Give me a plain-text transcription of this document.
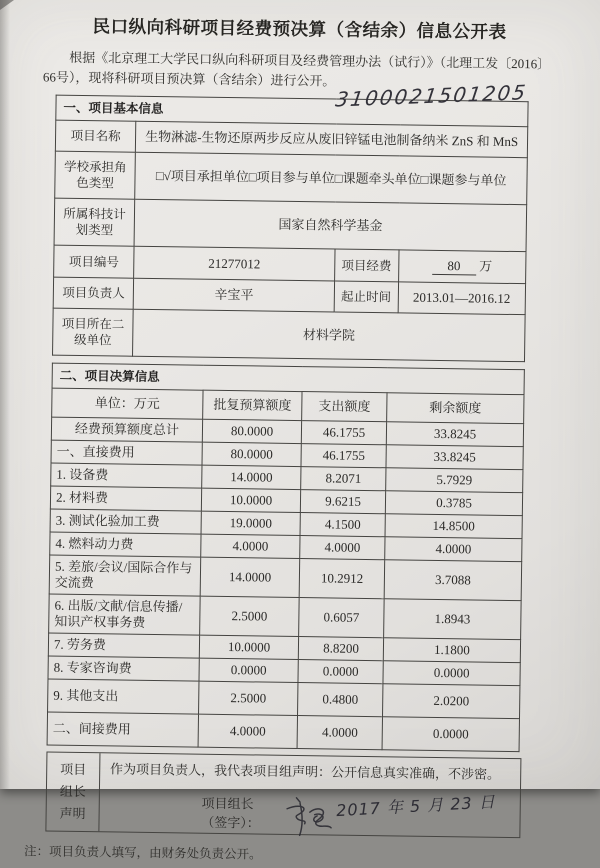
民口纵向科研项目经费预决算（含结余）信息公开表

根据《北京理工大学民口纵向科研项目及经费管理办法（试行）》（北理工发〔2016〕66号），现将科研项目预决算（含结余）进行公开。

3100021501205
一、项目基本信息			
项目名称	生物淋滤-生物还原两步反应从废旧锌锰电池制备纳米 ZnS 和 MnS		
学校承担角色类型	□√项目承担单位□项目参与单位□课题牵头单位□课题参与单位		
所属科技计划类型	国家自然科学基金		
项目编号	21277012	项目经费	80 万
项目负责人	辛宝平	起止时间	2013.01—2016.12
项目所在二级单位	材料学院		
二、项目决算信息			
单位：万元	批复预算额度	支出额度	剩余额度
经费预算额度总计	80.0000	46.1755	33.8245
一、直接费用	80.0000	46.1755	33.8245
1. 设备费	14.0000	8.2071	5.7929
2. 材料费	10.0000	9.6215	0.3785
3. 测试化验加工费	19.0000	4.1500	14.8500
4. 燃料动力费	4.0000	4.0000	4.0000
5. 差旅/会议/国际合作与交流费	14.0000	10.2912	3.7088
6. 出版/文献/信息传播/知识产权事务费	2.5000	0.6057	1.8943
7. 劳务费	10.0000	8.8200	1.1800
8. 专家咨询费	0.0000	0.0000	0.0000
9. 其他支出	2.5000	0.4800	2.0200
二、间接费用	4.0000	4.0000	0.0000
项目组长声明
作为项目负责人，我代表项目组声明：公开信息真实准确，不涉密。
项目组长（签字）：
2017 年 5 月 23 日

注：项目负责人填写，由财务处负责公开。
